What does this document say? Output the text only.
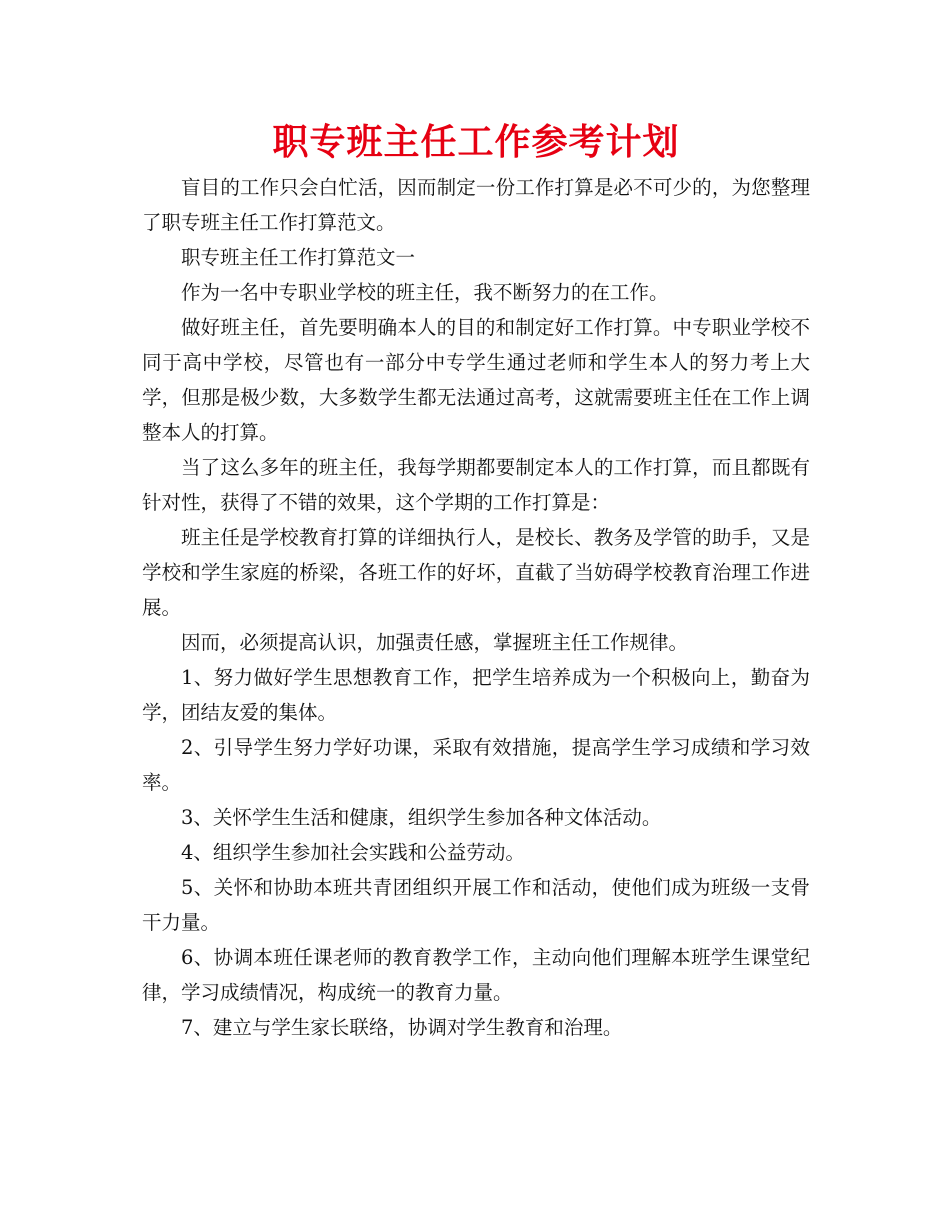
职专班主任工作参考计划

盲目的工作只会白忙活，因而制定一份工作打算是必不可少的，为您整理了职专班主任工作打算范文。

职专班主任工作打算范文一

作为一名中专职业学校的班主任，我不断努力的在工作。

做好班主任，首先要明确本人的目的和制定好工作打算。中专职业学校不同于高中学校，尽管也有一部分中专学生通过老师和学生本人的努力考上大学，但那是极少数，大多数学生都无法通过高考，这就需要班主任在工作上调整本人的打算。

当了这么多年的班主任，我每学期都要制定本人的工作打算，而且都既有针对性，获得了不错的效果，这个学期的工作打算是：

班主任是学校教育打算的详细执行人，是校长、教务及学管的助手，又是学校和学生家庭的桥梁，各班工作的好坏，直截了当妨碍学校教育治理工作进展。

因而，必须提高认识，加强责任感，掌握班主任工作规律。

1、努力做好学生思想教育工作，把学生培养成为一个积极向上，勤奋为学，团结友爱的集体。

2、引导学生努力学好功课，采取有效措施，提高学生学习成绩和学习效率。

3、关怀学生生活和健康，组织学生参加各种文体活动。

4、组织学生参加社会实践和公益劳动。

5、关怀和协助本班共青团组织开展工作和活动，使他们成为班级一支骨干力量。

6、协调本班任课老师的教育教学工作，主动向他们理解本班学生课堂纪律，学习成绩情况，构成统一的教育力量。

7、建立与学生家长联络，协调对学生教育和治理。
